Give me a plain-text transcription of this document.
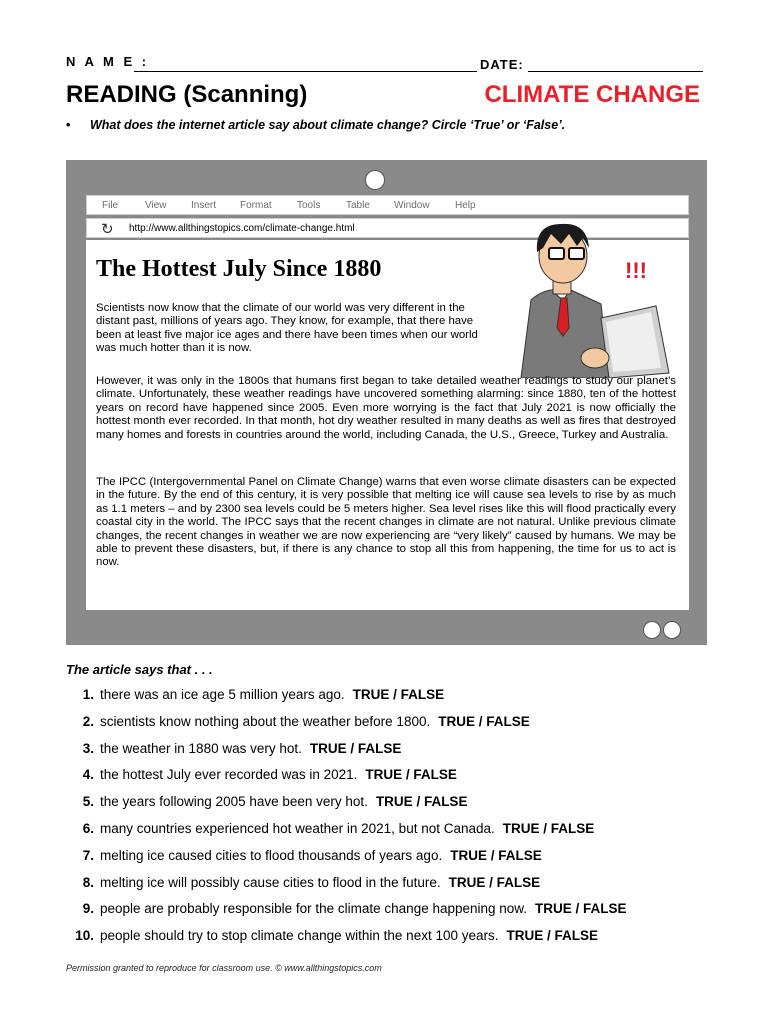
N A M E :	DATE:
READING (Scanning)	CLIMATE CHANGE
• What does the internet article say about climate change? Circle ‘True’ or ‘False’.
File	View Insert Format	Tools	Table Window	Help
↻ http://www.allthingstopics.com/climate-change.html
!!!
The Hottest July Since 1880

Scientists now know that the climate of our world was very different in the distant past, millions of years ago. They know, for example, that there have been at least five major ice ages and there have been times when our world was much hotter than it is now.

However, it was only in the 1800s that humans first began to take detailed weather readings to study our planet’s climate. Unfortunately, these weather readings have uncovered something alarming: since 1880, ten of the hottest years on record have happened since 2005. Even more worrying is the fact that July 2021 is now officially the hottest month ever recorded. In that month, hot dry weather resulted in many deaths as well as fires that destroyed many homes and forests in countries around the world, including Canada, the U.S., Greece, Turkey and Australia.

The IPCC (Intergovernmental Panel on Climate Change) warns that even worse climate disasters can be expected in the future. By the end of this century, it is very possible that melting ice will cause sea levels to rise by as much as 1.1 meters – and by 2300 sea levels could be 5 meters higher. Sea level rises like this will flood practically every coastal city in the world. The IPCC says that the recent changes in climate are not natural. Unlike previous climate changes, the recent changes in weather we are now experiencing are “very likely” caused by humans. We may be able to prevent these disasters, but, if there is any chance to stop all this from happening, the time for us to act is now.

The article says that . . .
1. there was an ice age 5 million years ago. TRUE / FALSE
2. scientists know nothing about the weather before 1800. TRUE / FALSE
3. the weather in 1880 was very hot. TRUE / FALSE
4. the hottest July ever recorded was in 2021. TRUE / FALSE
5. the years following 2005 have been very hot. TRUE / FALSE
6. many countries experienced hot weather in 2021, but not Canada. TRUE / FALSE
7. melting ice caused cities to flood thousands of years ago. TRUE / FALSE
8. melting ice will possibly cause cities to flood in the future. TRUE / FALSE
9. people are probably responsible for the climate change happening now. TRUE / FALSE
10. people should try to stop climate change within the next 100 years. TRUE / FALSE
Permission granted to reproduce for classroom use. © www.allthingstopics.com
